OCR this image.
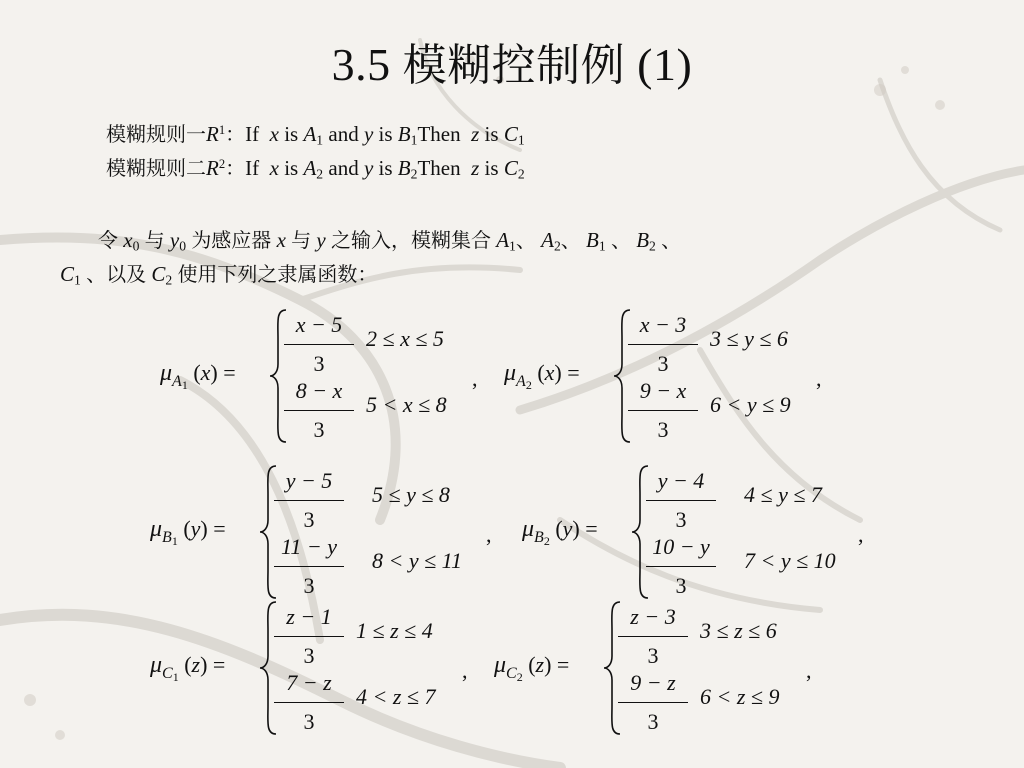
3.5 模糊控制例 (1)
模糊规则一$R^1$：If x is $A_1$ and y is $B_1Then$ z is $C_1$
模糊规则二$R^2$：If x is $A_2$ and y is $B_2Then$ z is $C_2$
令 $x_0$ 与 $y_0$ 为感应器 x 与 y 之输入，模糊集合 $A_1$、 $A_2$、 $B_1$ 、 $B_2$ 、
$C_1$ 、以及 $C_2$ 使用下列之隶属函数：
$\mu_{A1}$ (x) =
x − 5
3
2 ≤ x ≤ 5
8 − x
3
5 < x ≤ 8
, $\mu_{A2}$ (x) =
x − 3
3
3 ≤ y ≤ 6
9 − x
3
6 < y ≤ 9
,
$\mu_{B1}$ (y) =
y − 5
3
5 ≤ y ≤ 8
11 − y
3
8 < y ≤ 11
, $\mu_{B2}$ (y) =
y − 4
3
4 ≤ y ≤ 7
10 − y
3
7 < y ≤ 10
,
$\mu_{C1}$ (z) =
z − 1
3
1 ≤ z ≤ 4
7 − z
3
4 < z ≤ 7
, $\mu_{C2}$ (z) =
z − 3
3
3 ≤ z ≤ 6
9 − z
3
6 < z ≤ 9
,
